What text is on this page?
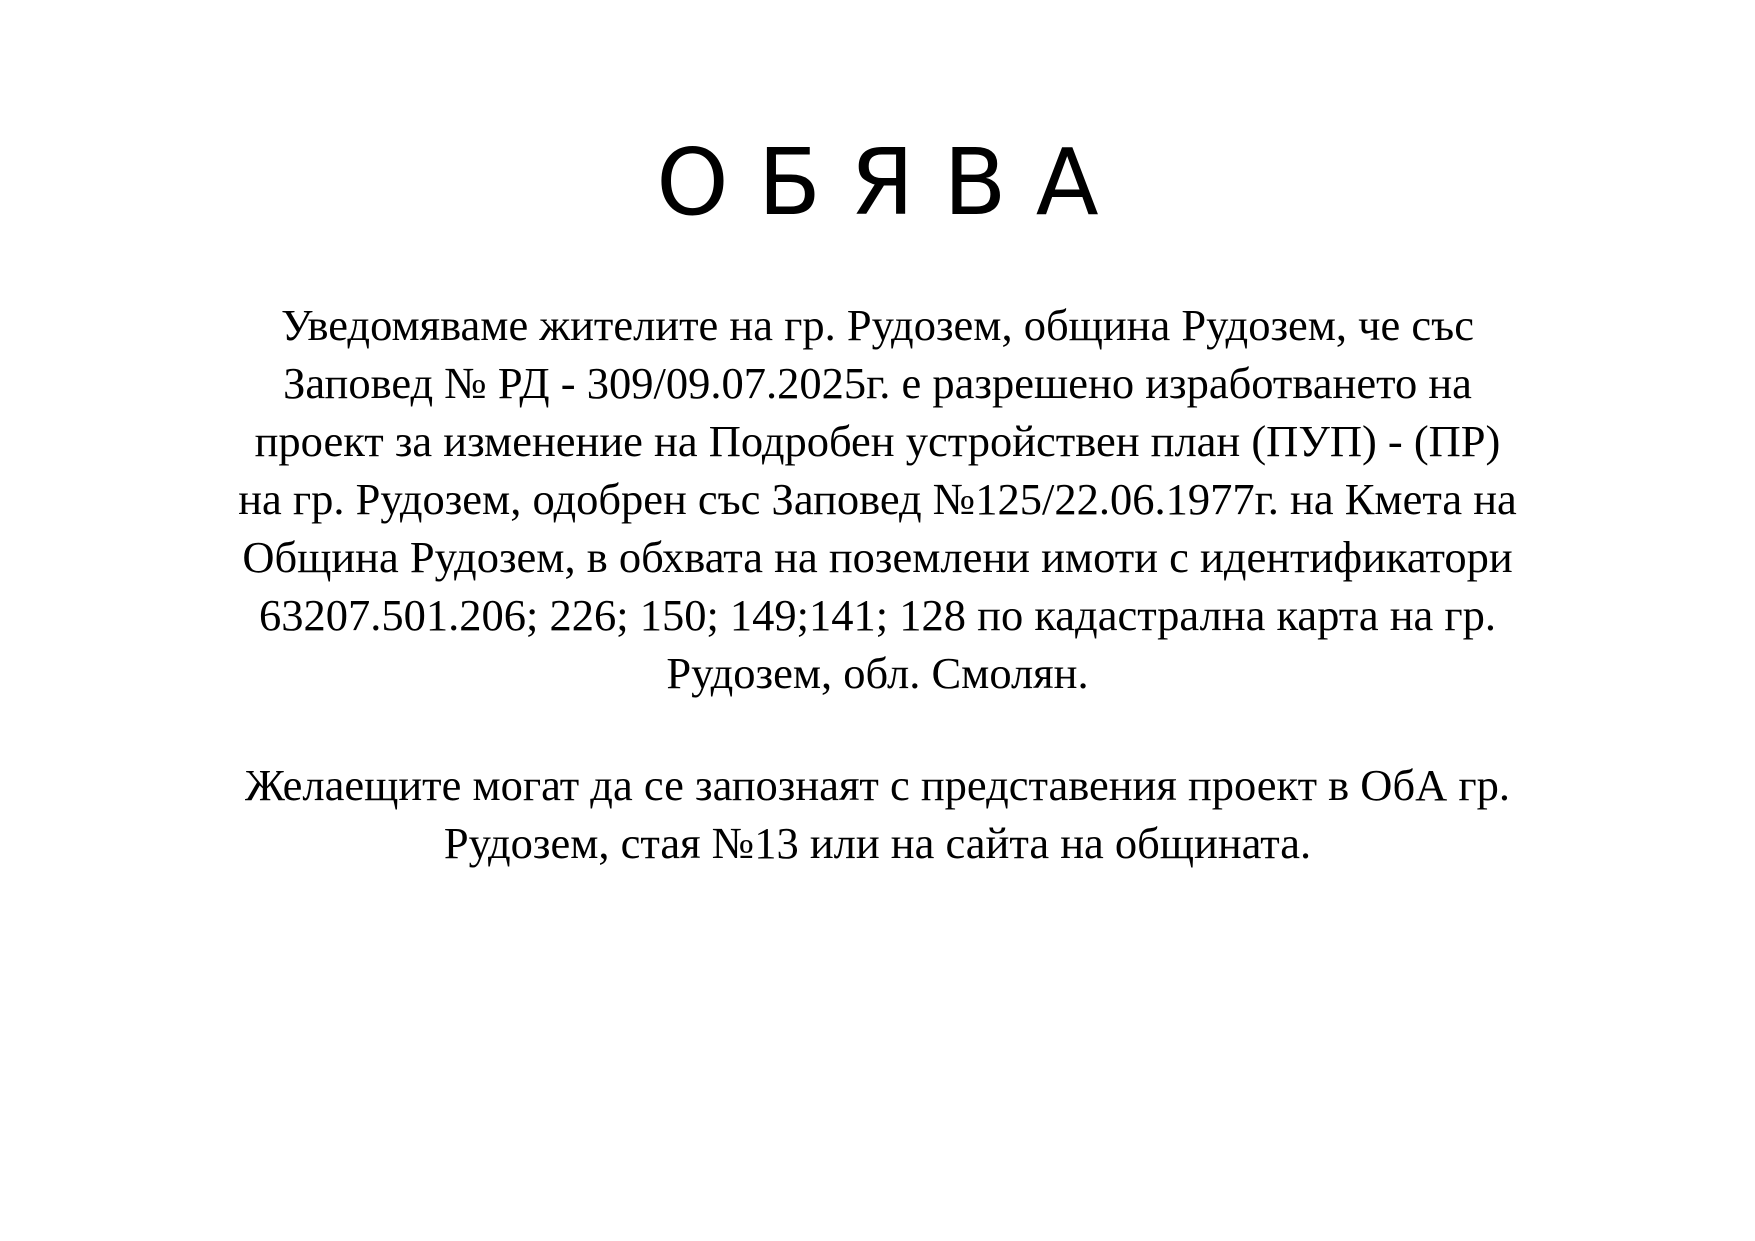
О Б Я В А

Уведомяваме жителите на гр. Рудозем, община Рудозем, че със
Заповед № РД - 309/09.07.2025г. е разрешено изработването на
проект за изменение на Подробен устройствен план (ПУП) - (ПР)
на гр. Рудозем, одобрен със Заповед №125/22.06.1977г. на Кмета на
Община Рудозем, в обхвата на поземлени имоти с идентификатори
63207.501.206; 226; 150; 149;141; 128 по кадастрална карта на гр.
Рудозем, обл. Смолян.

Желаещите могат да се запознаят с представения проект в ОбА гр.
Рудозем, стая №13 или на сайта на общината.
